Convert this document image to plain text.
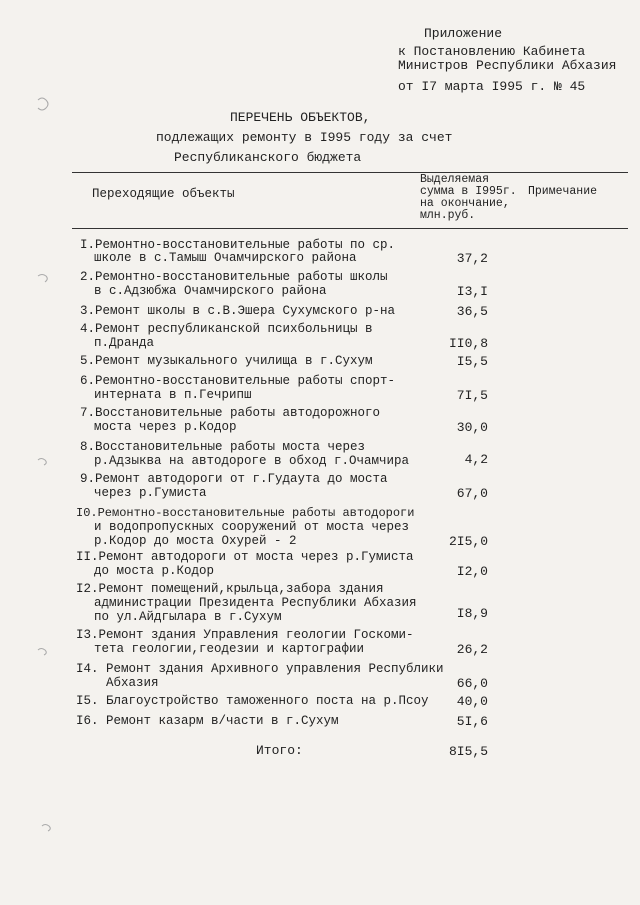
Приложение
к Постановлению Кабинета
Министров Республики Абхазия
от I7 марта I995 г. № 45
ПЕРЕЧЕНЬ ОБЪЕКТОВ,
подлежащих ремонту в I995 году за счет
Республиканского бюджета
Переходящие объекты
Выделяемая
сумма в I995г.
на окончание,
млн.руб.
Примечание
I.Ремонтно-восстановительные работы по ср.
школе в с.Тамыш Очамчирского района	37,2
2.Ремонтно-восстановительные работы школы
в с.Адзюбжа Очамчирского района	I3,I
3.Ремонт школы в с.В.Эшера Сухумского р-на	36,5
4.Ремонт республиканской психбольницы в
п.Драндa	II0,8
5.Ремонт музыкального училища в г.Сухум	I5,5
6.Ремонтно-восстановительные работы спорт-
интерната в п.Гечрипш	7I,5
7.Восстановительные работы автодорожного
моста через р.Кодор	30,0
8.Восстановительные работы моста через
р.Адзыква на автодороге в обход г.Очамчира	4,2
9.Ремонт автодороги от г.Гудаута до моста
через р.Гумиста	67,0
I0.Ремонтно-восстановительные работы автодороги
и водопропускных сооружений от моста через
р.Кодор до моста Охурей - 2	2I5,0
II.Ремонт автодороги от моста через р.Гумиста
до моста р.Кодор	I2,0
I2.Ремонт помещений,крыльца,забора здания
администрации Президента Республики Абхазия
по ул.Айдгылара в г.Сухум	I8,9
I3.Ремонт здания Управления геологии Госкоми-
тета геологии,геодезии и картографии	26,2
I4. Ремонт здания Архивного управления Республики
Абхазия	66,0
I5. Благоустройство таможенного поста на р.Псоу	40,0
I6. Ремонт казарм в/части в г.Сухум	5I,6
Итого:	8I5,5
